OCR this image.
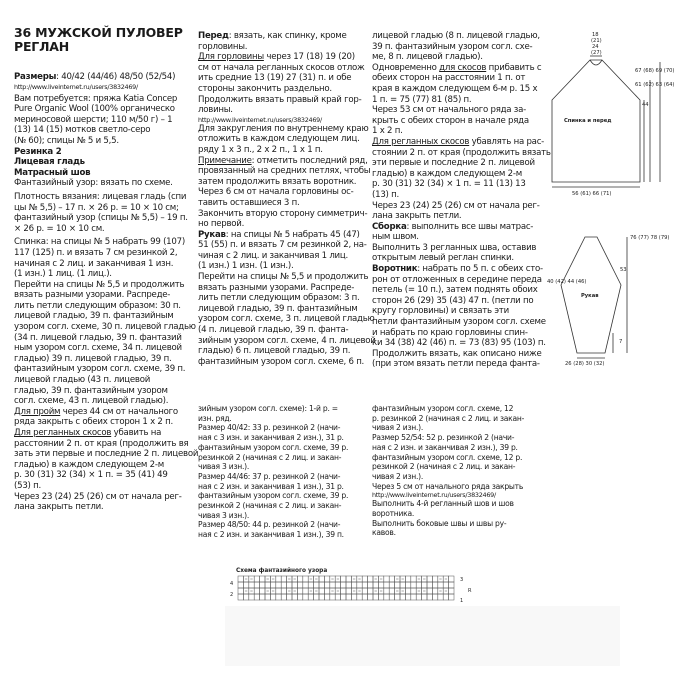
36 МУЖСКОЙ ПУЛОВЕР
РЕГЛАН

Размеры: 40/42 (44/46) 48/50 (52/54)

http://www.liveinternet.ru/users/3832469/

Вам потребуется: пряжа Katia Concep

Pure Organic Wool (100% органическо

мериносовой шерсти; 110 м/50 г) – 1

(13) 14 (15) мотков светло-серо

(№ 60); спицы № 5 и 5,5.

Резинка 2

Лицевая гладь

Матрасный шов

Фантазийный узор: вязать по схеме.

Плотность вязания: лицевая гладь (спи

цы № 5,5) – 17 п. × 26 р. = 10 × 10 см;

фантазийный узор (спицы № 5,5) – 19 п.

× 26 р. = 10 × 10 см.

Спинка: на спицы № 5 набрать 99 (107)

117 (125) п. и вязать 7 см резинкой 2,

начиная с 2 лиц. и заканчивая 1 изн.

(1 изн.) 1 лиц. (1 лиц.).

Перейти на спицы № 5,5 и продолжить

вязать разными узорами. Распреде-

лить петли следующим образом: 30 п.

лицевой гладью, 39 п. фантазийным

узором согл. схеме, 30 п. лицевой гладью

(34 п. лицевой гладью, 39 п. фантазий

ным узором согл. схеме, 34 п. лицевой

гладью) 39 п. лицевой гладью, 39 п.

фантазийным узором согл. схеме, 39 п.

лицевой гладью (43 п. лицевой

гладью, 39 п. фантазийным узором

согл. схеме, 43 п. лицевой гладью).

Для пройм через 44 см от начального

ряда закрыть с обеих сторон 1 х 2 п.

Для регланных скосов убавить на

расстоянии 2 п. от края (продолжить вя

зать эти первые и последние 2 п. лицевой

гладью) в каждом следующем 2-м

р. 30 (31) 32 (34) × 1 п. = 35 (41) 49

(53) п.

Через 23 (24) 25 (26) см от начала рег-

лана закрыть петли.

Перед: вязать, как спинку, кроме

горловины.

Для горловины через 17 (18) 19 (20)

см от начала регланных скосов отлож

ить средние 13 (19) 27 (31) п. и обе

стороны закончить раздельно.

Продолжить вязать правый край гор-

ловины.

http://www.liveinternet.ru/users/3832469/

Для закругления по внутреннему краю

отложить в каждом следующем лиц.

ряду 1 х 3 п., 2 х 2 п., 1 х 1 п.

Примечание: отметить последний ряд,

провязанный на средних петлях, чтобы

затем продолжить вязать воротник.

Через 6 см от начала горловины ос-

тавить оставшиеся 3 п.

Закончить вторую сторону симметрич-

но первой.

Рукав: на спицы № 5 набрать 45 (47)

51 (55) п. и вязать 7 см резинкой 2, на-

чиная с 2 лиц. и заканчивая 1 лиц.

(1 изн.) 1 изн. (1 изн.).

Перейти на спицы № 5,5 и продолжить

вязать разными узорами. Распреде-

лить петли следующим образом: 3 п.

лицевой гладью, 39 п. фантазийным

узором согл. схеме, 3 п. лицевой гладью

(4 п. лицевой гладью, 39 п. фанта-

зийным узором согл. схеме, 4 п. лицевой

гладью) 6 п. лицевой гладью, 39 п.

фантазийным узором согл. схеме, 6 п.

зийным узором согл. схеме): 1-й р. =

изн. ряд.

Размер 40/42: 33 р. резинкой 2 (начи-

ная с 3 изн. и заканчивая 2 изн.), 31 р.

фантазийным узором согл. схеме, 39 р.

резинкой 2 (начиная с 2 лиц. и закан-

чивая 3 изн.).

Размер 44/46: 37 р. резинкой 2 (начи-

ная с 2 изн. и заканчивая 1 изн.), 31 р.

фантазийным узором согл. схеме, 39 р.

резинкой 2 (начиная с 2 лиц. и закан-

чивая 3 изн.).

Размер 48/50: 44 р. резинкой 2 (начи-

ная с 2 изн. и заканчивая 1 изн.), 39 п.

лицевой гладью (8 п. лицевой гладью,

39 п. фантазийным узором согл. схе-

ме, 8 п. лицевой гладью).

Одновременно для скосов прибавить с

обеих сторон на расстоянии 1 п. от

края в каждом следующем 6-м р. 15 х

1 п. = 75 (77) 81 (85) п.

Через 53 см от начального ряда за-

крыть с обеих сторон в начале ряда

1 х 2 п.

Для регланных скосов убавлять на рас-

стоянии 2 п. от края (продолжить вязать

эти первые и последние 2 п. лицевой

гладью) в каждом следующем 2-м

р. 30 (31) 32 (34) × 1 п. = 11 (13) 13

(13) п.

Через 23 (24) 25 (26) см от начала рег-

лана закрыть петли.

Сборка: выполнить все швы матрас-

ным швом.

Выполнить 3 регланных шва, оставив

открытым левый реглан спинки.

Воротник: набрать по 5 п. с обеих сто-

рон от отложенных в середине переда

петель (= 10 п.), затем поднять обоих

сторон 26 (29) 35 (43) 47 п. (петли по

кругу горловины) и связать эти

петли фантазийным узором согл. схеме

и набрать по краю горловины спин-

ки 34 (38) 42 (46) п. = 73 (83) 95 (103) п.

Продолжить вязать, как описано ниже

(при этом вязать петли переда фанта-

фантазийным узором согл. схеме, 12

р. резинкой 2 (начиная с 2 лиц. и закан-

чивая 2 изн.).

Размер 52/54: 52 р. резинкой 2 (начи-

ная с 2 изн. и заканчивая 2 изн.), 39 р.

фантазийным узором согл. схеме, 12 р.

резинкой 2 (начиная с 2 лиц. и закан-

чивая 2 изн.).

Через 5 см от начального ряда закрыть

http://www.liveinternet.ru/users/3832469/

Выполнить 4-й регланный шов и шов

воротника.

Выполнить боковые швы и швы ру-

кавов.

18
(21)
24
(27)
67 (68) 69 (70)
61 (62) 63 (64)
44
Спинка и перед
56 (61) 66 (71)
76 (77) 78 (79)
53
40 (42) 44 (46)
Рукав
7
26 (28) 30 (32)
Схема фантазийного узора
4
2
3
R
1
